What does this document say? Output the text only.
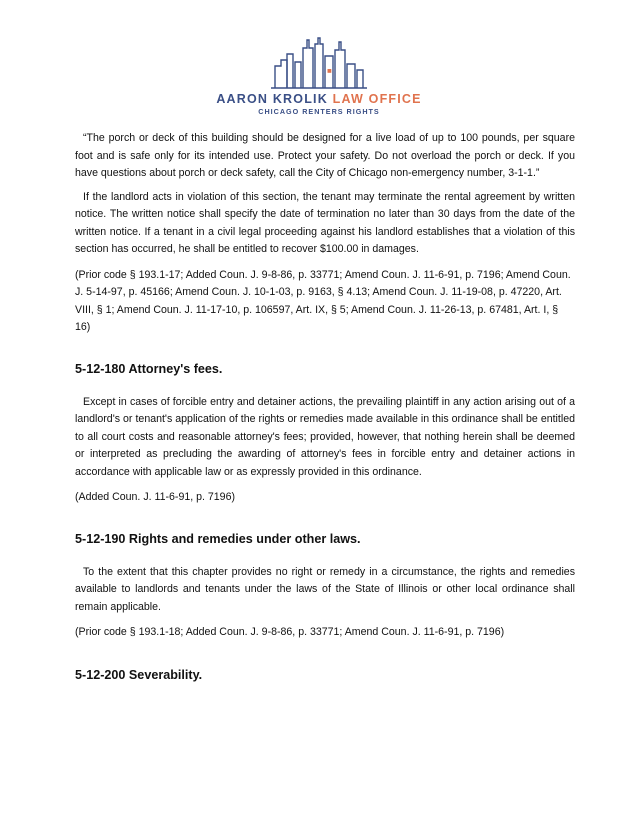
AARON KROLIK LAW OFFICE
CHICAGO RENTERS RIGHTS

“The porch or deck of this building should be designed for a live load of up to 100 pounds, per square foot and is safe only for its intended use. Protect your safety. Do not overload the porch or deck. If you have questions about porch or deck safety, call the City of Chicago non-emergency number, 3-1-1.”

If the landlord acts in violation of this section, the tenant may terminate the rental agreement by written notice. The written notice shall specify the date of termination no later than 30 days from the date of the written notice. If a tenant in a civil legal proceeding against his landlord establishes that a violation of this section has occurred, he shall be entitled to recover $100.00 in damages.

(Prior code § 193.1-17; Added Coun. J. 9-8-86, p. 33771; Amend Coun. J. 11-6-91, p. 7196; Amend Coun. J. 5-14-97, p. 45166; Amend Coun. J. 10-1-03, p. 9163, § 4.13; Amend Coun. J. 11-19-08, p. 47220, Art. VIII, § 1; Amend Coun. J. 11-17-10, p. 106597, Art. IX, § 5; Amend Coun. J. 11-26-13, p. 67481, Art. I, § 16)

5-12-180 Attorney's fees.

Except in cases of forcible entry and detainer actions, the prevailing plaintiff in any action arising out of a landlord's or tenant's application of the rights or remedies made available in this ordinance shall be entitled to all court costs and reasonable attorney's fees; provided, however, that nothing herein shall be deemed or interpreted as precluding the awarding of attorney's fees in forcible entry and detainer actions in accordance with applicable law or as expressly provided in this ordinance.

(Added Coun. J. 11-6-91, p. 7196)

5-12-190 Rights and remedies under other laws.

To the extent that this chapter provides no right or remedy in a circumstance, the rights and remedies available to landlords and tenants under the laws of the State of Illinois or other local ordinance shall remain applicable.

(Prior code § 193.1-18; Added Coun. J. 9-8-86, p. 33771; Amend Coun. J. 11-6-91, p. 7196)

5-12-200 Severability.
